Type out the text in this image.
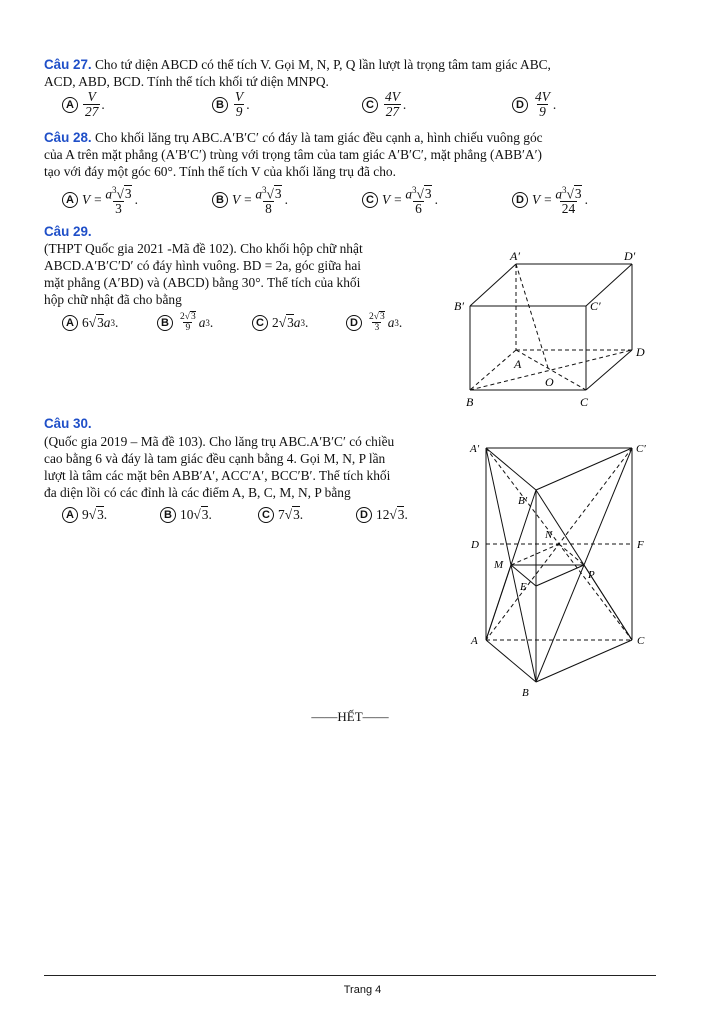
Câu 27. Cho tứ diện ABCD có thể tích V. Gọi M, N, P, Q lần lượt là trọng tâm tam giác ABC,
ACD, ABD, BCD. Tính thể tích khối tứ diện MNPQ.
A $\frac{V}{27}$ .	B $\frac{V}{9}$ .	C $\frac{4V}{27}$ .	D $\frac{4V}{9}$ .
Câu 28. Cho khối lăng trụ ABC.A′B′C′ có đáy là tam giác đều cạnh a, hình chiếu vuông góc
của A trên mặt phẳng (A′B′C′) trùng với trọng tâm của tam giác A′B′C′, mặt phẳng (ABB′A′)
tạo với đáy một góc 60°. Tính thể tích V của khối lăng trụ đã cho.
A $V = \frac{a^3√3}{3}$ .	B $V = \frac{a^3√3}{8}$ .	C $V = \frac{a^3√3}{6}$ .	D $V = \frac{a^3√3}{24}$ .
Câu 29.
(THPT Quốc gia 2021 -Mã đề 102). Cho khối hộp chữ nhật
ABCD.A′B′C′D′ có đáy hình vuông. BD = 2a, góc giữa hai
mặt phẳng (A′BD) và (ABCD) bằng 30°. Thể tích của khối
hộp chữ nhật đã cho bằng
A 6 √ 3 a 3 .	B $\frac{2√3}{9}$ a 3 .	C 2 √ 3 a 3 .	D $\frac{2√3}{3}$ a 3 .
A′	D′
B′	C′
A
D
O
B	C
Câu 30.
(Quốc gia 2019 – Mã đề 103). Cho lăng trụ ABC.A′B′C′ có chiều
cao bằng 6 và đáy là tam giác đều cạnh bằng 4. Gọi M, N, P lần
lượt là tâm các mặt bên ABB′A′, ACC′A′, BCC′B′. Thể tích khối
đa diện lồi có các đỉnh là các điểm A, B, C, M, N, P bằng
A 9 √ 3 .	B 10 √ 3 .	C 7 √ 3 .	D 12 √ 3 .
A′	C′
B′
N
D	F
M
E
P
A	C
B
——HẾT——
Trang 4
